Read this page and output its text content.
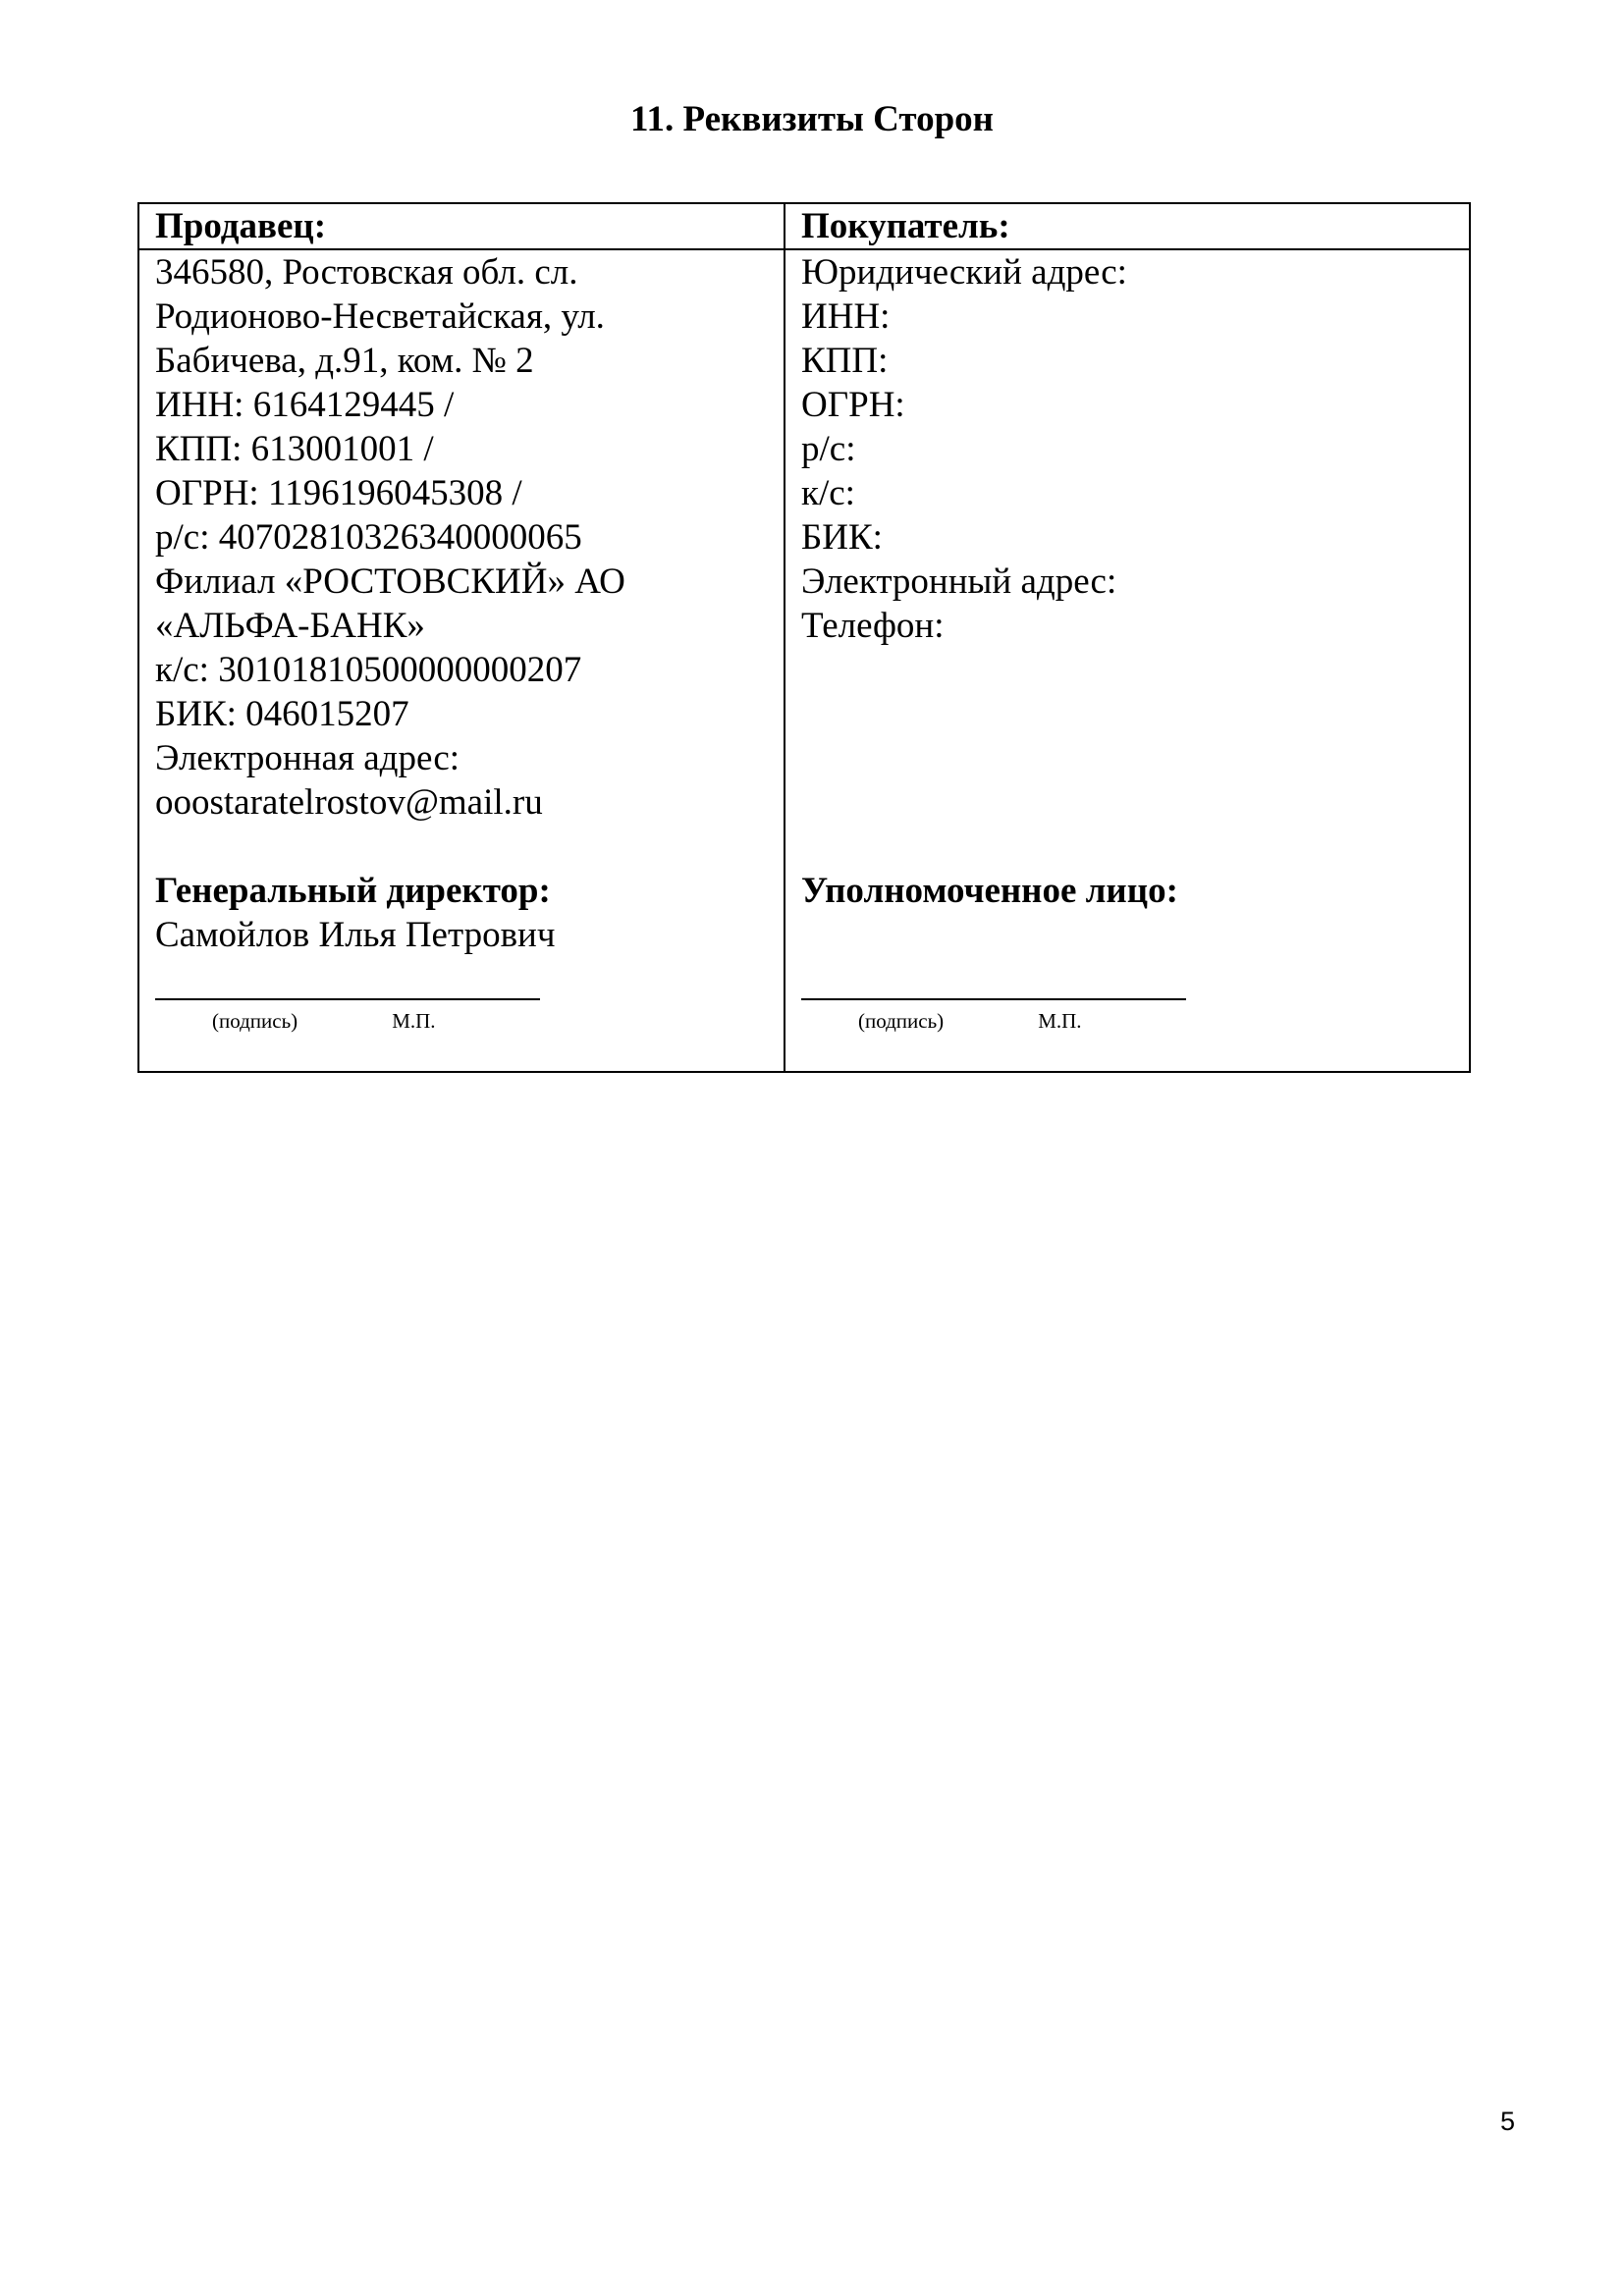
11. Реквизиты Сторон
Продавец:	Покупатель:

346580, Ростовская обл. сл.
Родионово-Несветайская, ул.
Бабичева, д.91, ком. № 2
ИНН: 6164129445 /
КПП: 613001001 /
ОГРН: 1196196045308 /
р/с: 40702810326340000065
Филиал «РОСТОВСКИЙ» АО
«АЛЬФА-БАНК»
к/с: 30101810500000000207
БИК: 046015207
Электронная адрес:
ooostaratelrostov@mail.ru
Генеральный директор:
Самойлов Илья Петрович
(подпись)	М.П.

Юридический адрес:
ИНН:
КПП:
ОГРН:
р/с:
к/с:
БИК:
Электронный адрес:
Телефон:
Уполномоченное лицо:
(подпись)	М.П.
5
